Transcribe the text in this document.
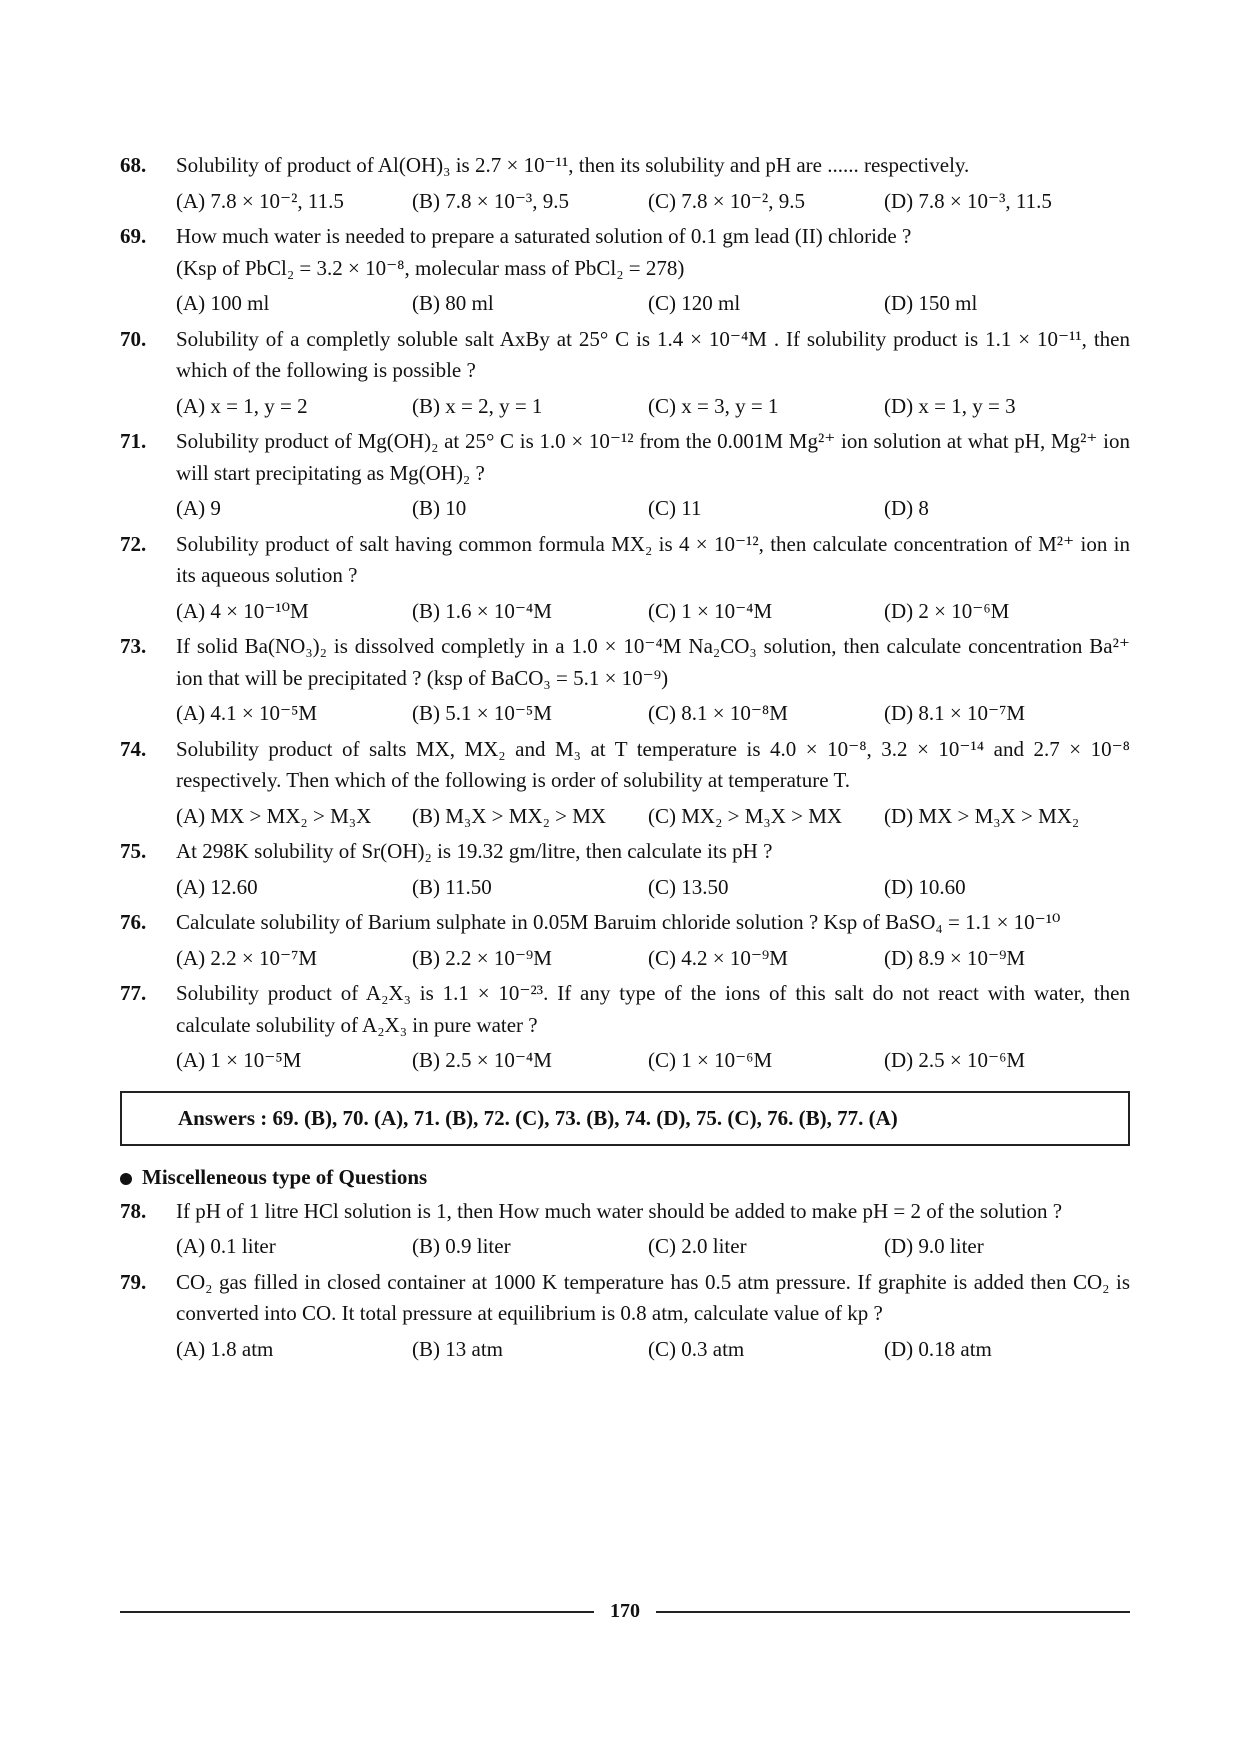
68.	Solubility of product of Al(OH)₃ is 2.7 × 10⁻¹¹, then its solubility and pH are ...... respectively.
(A) 7.8 × 10⁻², 11.5	(B) 7.8 × 10⁻³, 9.5	(C) 7.8 × 10⁻², 9.5	(D) 7.8 × 10⁻³, 11.5
69.	How much water is needed to prepare a saturated solution of 0.1 gm lead (II) chloride ?
(Ksp of PbCl₂ = 3.2 × 10⁻⁸, molecular mass of PbCl₂ = 278)
(A) 100 ml	(B) 80 ml	(C) 120 ml	(D) 150 ml
70.	Solubility of a completly soluble salt AxBy at 25° C is 1.4 × 10⁻⁴M . If solubility product is 1.1 × 10⁻¹¹, then which of the following is possible ?
(A) x = 1, y = 2	(B) x = 2, y = 1	(C) x = 3, y = 1	(D) x = 1, y = 3
71.	Solubility product of Mg(OH)₂ at 25° C is 1.0 × 10⁻¹² from the 0.001M Mg²⁺ ion solution at what pH, Mg²⁺ ion will start precipitating as Mg(OH)₂ ?
(A) 9	(B) 10	(C) 11	(D) 8
72.	Solubility product of salt having common formula MX₂ is 4 × 10⁻¹², then calculate concentration of M²⁺ ion in its aqueous solution ?
(A) 4 × 10⁻¹⁰M	(B) 1.6 × 10⁻⁴M	(C) 1 × 10⁻⁴M	(D) 2 × 10⁻⁶M
73.	If solid Ba(NO₃)₂ is dissolved completly in a 1.0 × 10⁻⁴M Na₂CO₃ solution, then calculate concentration Ba²⁺ ion that will be precipitated ? (ksp of BaCO₃ = 5.1 × 10⁻⁹)
(A) 4.1 × 10⁻⁵M	(B) 5.1 × 10⁻⁵M	(C) 8.1 × 10⁻⁸M	(D) 8.1 × 10⁻⁷M
74.	Solubility product of salts MX, MX₂ and M₃ at T temperature is 4.0 × 10⁻⁸, 3.2 × 10⁻¹⁴ and 2.7 × 10⁻⁸ respectively. Then which of the following is order of solubility at temperature T.
(A) MX > MX₂ > M₃X	(B) M₃X > MX₂ > MX	(C) MX₂ > M₃X > MX	(D) MX > M₃X > MX₂
75.	At 298K solubility of Sr(OH)₂ is 19.32 gm/litre, then calculate its pH ?
(A) 12.60	(B) 11.50	(C) 13.50	(D) 10.60
76.	Calculate solubility of Barium sulphate in 0.05M Baruim chloride solution ? Ksp of BaSO₄ = 1.1 × 10⁻¹⁰
(A) 2.2 × 10⁻⁷M	(B) 2.2 × 10⁻⁹M	(C) 4.2 × 10⁻⁹M	(D) 8.9 × 10⁻⁹M
77.	Solubility product of A₂X₃ is 1.1 × 10⁻²³. If any type of the ions of this salt do not react with water, then calculate solubility of A₂X₃ in pure water ?
(A) 1 × 10⁻⁵M	(B) 2.5 × 10⁻⁴M	(C) 1 × 10⁻⁶M	(D) 2.5 × 10⁻⁶M
Answers : 69. (B), 70. (A), 71. (B), 72. (C), 73. (B), 74. (D), 75. (C), 76. (B), 77. (A)
Miscelleneous type of Questions
78.	If pH of 1 litre HCl solution is 1, then How much water should be added to make pH = 2 of the solution ?
(A) 0.1 liter	(B) 0.9 liter	(C) 2.0 liter	(D) 9.0 liter
79.	CO₂ gas filled in closed container at 1000 K temperature has 0.5 atm pressure. If graphite is added then CO₂ is converted into CO. It total pressure at equilibrium is 0.8 atm, calculate value of kp ?
(A) 1.8 atm	(B) 13 atm	(C) 0.3 atm	(D) 0.18 atm
170
